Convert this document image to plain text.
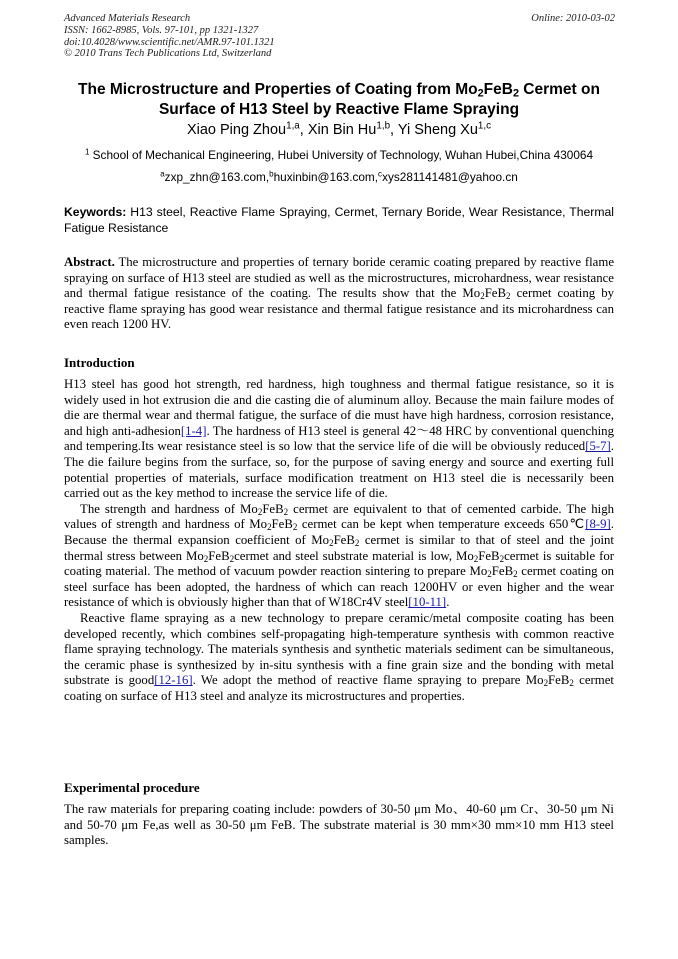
Advanced Materials Research
ISSN: 1662-8985, Vols. 97-101, pp 1321-1327
doi:10.4028/www.scientific.net/AMR.97-101.1321
© 2010 Trans Tech Publications Ltd, Switzerland
Online: 2010-03-02
The Microstructure and Properties of Coating from $Mo_2FeB_2$ Cermet on
Surface of H13 Steel by Reactive Flame Spraying
Xiao Ping Zhou$^{1,a}$, Xin Bin Hu$^{1,b}$, Yi Sheng Xu$^{1,c}$
$^1$ School of Mechanical Engineering, Hubei University of Technology, Wuhan Hubei,China 430064
$^a$zxp_zhn@163.com,$^b$huxinbin@163.com,$^c$xys281141481@yahoo.cn
Keywords: H13 steel, Reactive Flame Spraying, Cermet, Ternary Boride, Wear Resistance, Thermal Fatigue Resistance

Abstract. The microstructure and properties of ternary boride ceramic coating prepared by reactive flame spraying on surface of H13 steel are studied as well as the microstructures, microhardness, wear resistance and thermal fatigue resistance of the coating. The results show that the $Mo_2FeB_2$ cermet coating by reactive flame spraying has good wear resistance and thermal fatigue resistance and its microhardness can even reach 1200 HV.

Introduction

H13 steel has good hot strength, red hardness, high toughness and thermal fatigue resistance, so it is widely used in hot extrusion die and die casting die of aluminum alloy. Because the main failure modes of die are thermal wear and thermal fatigue, the surface of die must have high hardness, corrosion resistance, and high anti-adhesion[1-4]. The hardness of H13 steel is general 42～48 HRC by conventional quenching and tempering.Its wear resistance steel is so low that the service life of die will be obviously reduced[5-7]. The die failure begins from the surface, so, for the purpose of saving energy and source and exerting full potential properties of materials, surface modification treatment on H13 steel die is necessarily been carried out as the key method to increase the service life of die.

The strength and hardness of $Mo_2FeB_2$ cermet are equivalent to that of cemented carbide. The high values of strength and hardness of $Mo_2FeB_2$ cermet can be kept when temperature exceeds 650℃[8-9]. Because the thermal expansion coefficient of $Mo_2FeB_2$ cermet is similar to that of steel and the joint thermal stress between $Mo_2FeB_2cermet$ and steel substrate material is low, $Mo_2FeB_2cermet$ is suitable for coating material. The method of vacuum powder reaction sintering to prepare $Mo_2FeB_2$ cermet coating on steel surface has been adopted, the hardness of which can reach 1200HV or even higher and the wear resistance of which is obviously higher than that of W18Cr4V steel[10-11].

Reactive flame spraying as a new technology to prepare ceramic/metal composite coating has been developed recently, which combines self-propagating high-temperature synthesis with common reactive flame spraying technology. The materials synthesis and synthetic materials sediment can be simultaneous, the ceramic phase is synthesized by in-situ synthesis with a fine grain size and the bonding with metal substrate is good[12-16]. We adopt the method of reactive flame spraying to prepare $Mo_2FeB_2$ cermet coating on surface of H13 steel and analyze its microstructures and properties.

Experimental procedure

The raw materials for preparing coating include: powders of 30-50 μm Mo、40-60 μm Cr、30-50 μm Ni and 50-70 μm Fe,as well as 30-50 μm FeB. The substrate material is 30 mm×30 mm×10 mm H13 steel samples.
